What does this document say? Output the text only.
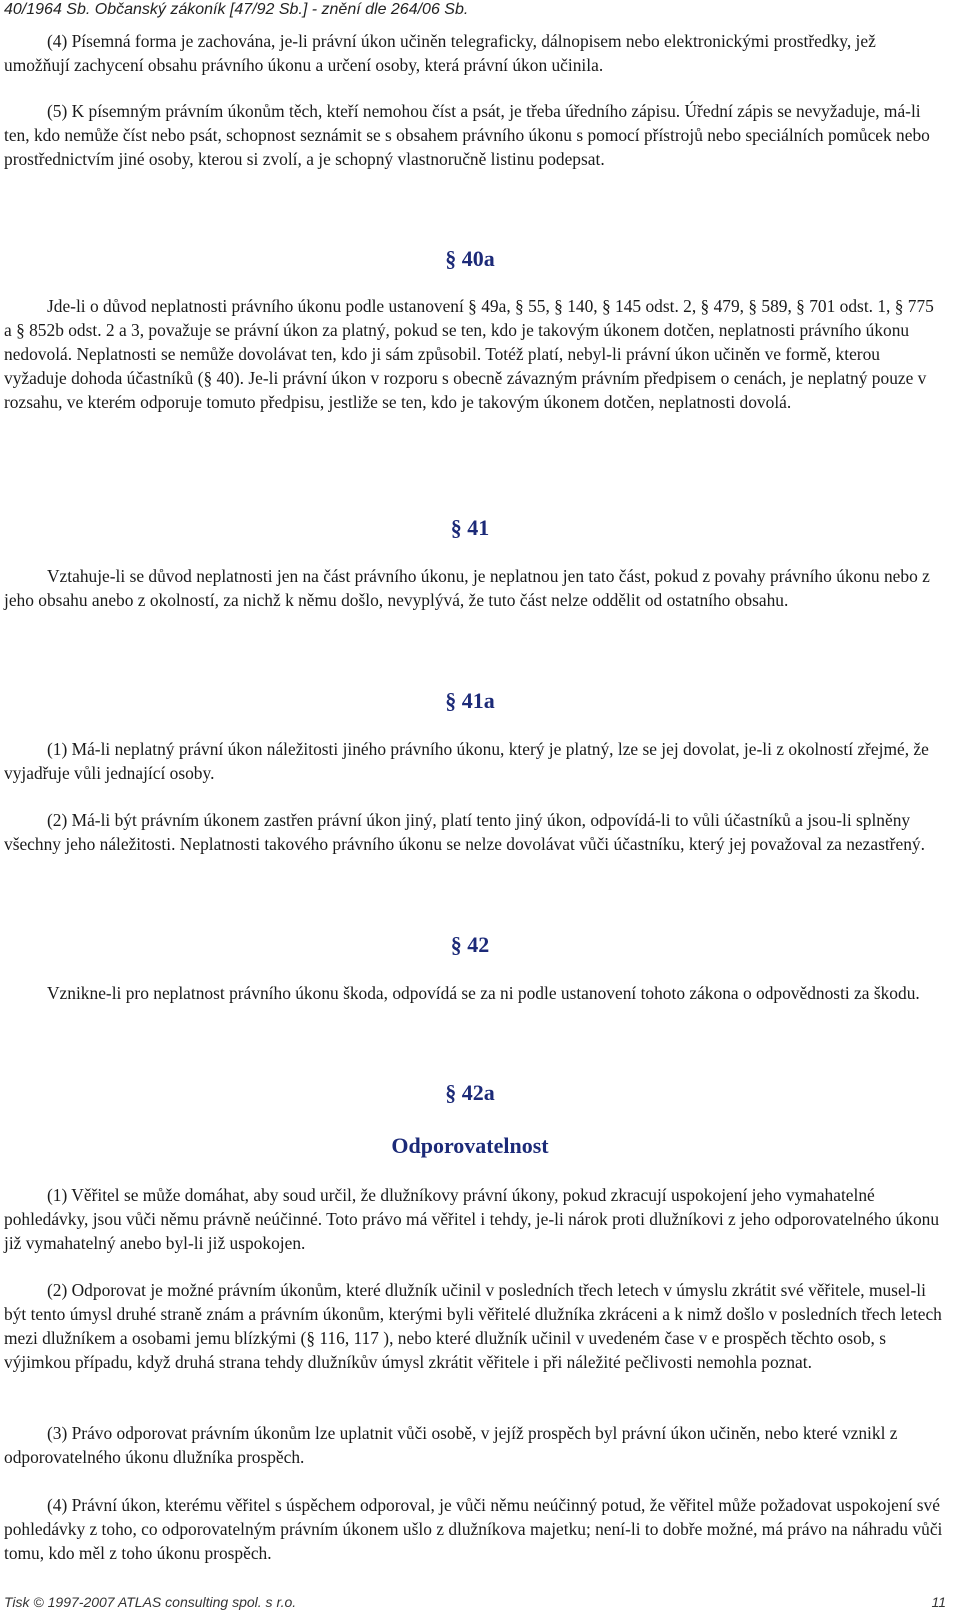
40/1964 Sb. Občanský zákoník [47/92 Sb.] - znění dle 264/06 Sb.

(4) Písemná forma je zachována, je-li právní úkon učiněn telegraficky, dálnopisem nebo elektronickými prostředky, jež umožňují zachycení obsahu právního úkonu a určení osoby, která právní úkon učinila.

(5) K písemným právním úkonům těch, kteří nemohou číst a psát, je třeba úředního zápisu. Úřední zápis se nevyžaduje, má-li ten, kdo nemůže číst nebo psát, schopnost seznámit se s obsahem právního úkonu s pomocí přístrojů nebo speciálních pomůcek nebo prostřednictvím jiné osoby, kterou si zvolí, a je schopný vlastnoručně listinu podepsat.

§ 40a

Jde-li o důvod neplatnosti právního úkonu podle ustanovení § 49a, § 55, § 140, § 145 odst. 2, § 479, § 589, § 701 odst. 1, § 775 a § 852b odst. 2 a 3, považuje se právní úkon za platný, pokud se ten, kdo je takovým úkonem dotčen, neplatnosti právního úkonu nedovolá. Neplatnosti se nemůže dovolávat ten, kdo ji sám způsobil. Totéž platí, nebyl-li právní úkon učiněn ve formě, kterou vyžaduje dohoda účastníků (§ 40). Je-li právní úkon v rozporu s obecně závazným právním předpisem o cenách, je neplatný pouze v rozsahu, ve kterém odporuje tomuto předpisu, jestliže se ten, kdo je takovým úkonem dotčen, neplatnosti dovolá.

§ 41

Vztahuje-li se důvod neplatnosti jen na část právního úkonu, je neplatnou jen tato část, pokud z povahy právního úkonu nebo z jeho obsahu anebo z okolností, za nichž k němu došlo, nevyplývá, že tuto část nelze oddělit od ostatního obsahu.

§ 41a

(1) Má-li neplatný právní úkon náležitosti jiného právního úkonu, který je platný, lze se jej dovolat, je-li z okolností zřejmé, že vyjadřuje vůli jednající osoby.

(2) Má-li být právním úkonem zastřen právní úkon jiný, platí tento jiný úkon, odpovídá-li to vůli účastníků a jsou-li splněny všechny jeho náležitosti. Neplatnosti takového právního úkonu se nelze dovolávat vůči účastníku, který jej považoval za nezastřený.

§ 42

Vznikne-li pro neplatnost právního úkonu škoda, odpovídá se za ni podle ustanovení tohoto zákona o odpovědnosti za škodu.

§ 42a
Odporovatelnost

(1) Věřitel se může domáhat, aby soud určil, že dlužníkovy právní úkony, pokud zkracují uspokojení jeho vymahatelné pohledávky, jsou vůči němu právně neúčinné. Toto právo má věřitel i tehdy, je-li nárok proti dlužníkovi z jeho odporovatelného úkonu již vymahatelný anebo byl-li již uspokojen.

(2) Odporovat je možné právním úkonům, které dlužník učinil v posledních třech letech v úmyslu zkrátit své věřitele, musel-li být tento úmysl druhé straně znám a právním úkonům, kterými byli věřitelé dlužníka zkráceni a k nimž došlo v posledních třech letech mezi dlužníkem a osobami jemu blízkými (§ 116, 117 ), nebo které dlužník učinil v uvedeném čase v e prospěch těchto osob, s výjimkou případu, když druhá strana tehdy dlužníkův úmysl zkrátit věřitele i při náležité pečlivosti nemohla poznat.

(3) Právo odporovat právním úkonům lze uplatnit vůči osobě, v jejíž prospěch byl právní úkon učiněn, nebo které vznikl z odporovatelného úkonu dlužníka prospěch.

(4) Právní úkon, kterému věřitel s úspěchem odporoval, je vůči němu neúčinný potud, že věřitel může požadovat uspokojení své pohledávky z toho, co odporovatelným právním úkonem ušlo z dlužníkova majetku; není-li to dobře možné, má právo na náhradu vůči tomu, kdo měl z toho úkonu prospěch.

Tisk © 1997-2007 ATLAS consulting spol. s r.o.	11
